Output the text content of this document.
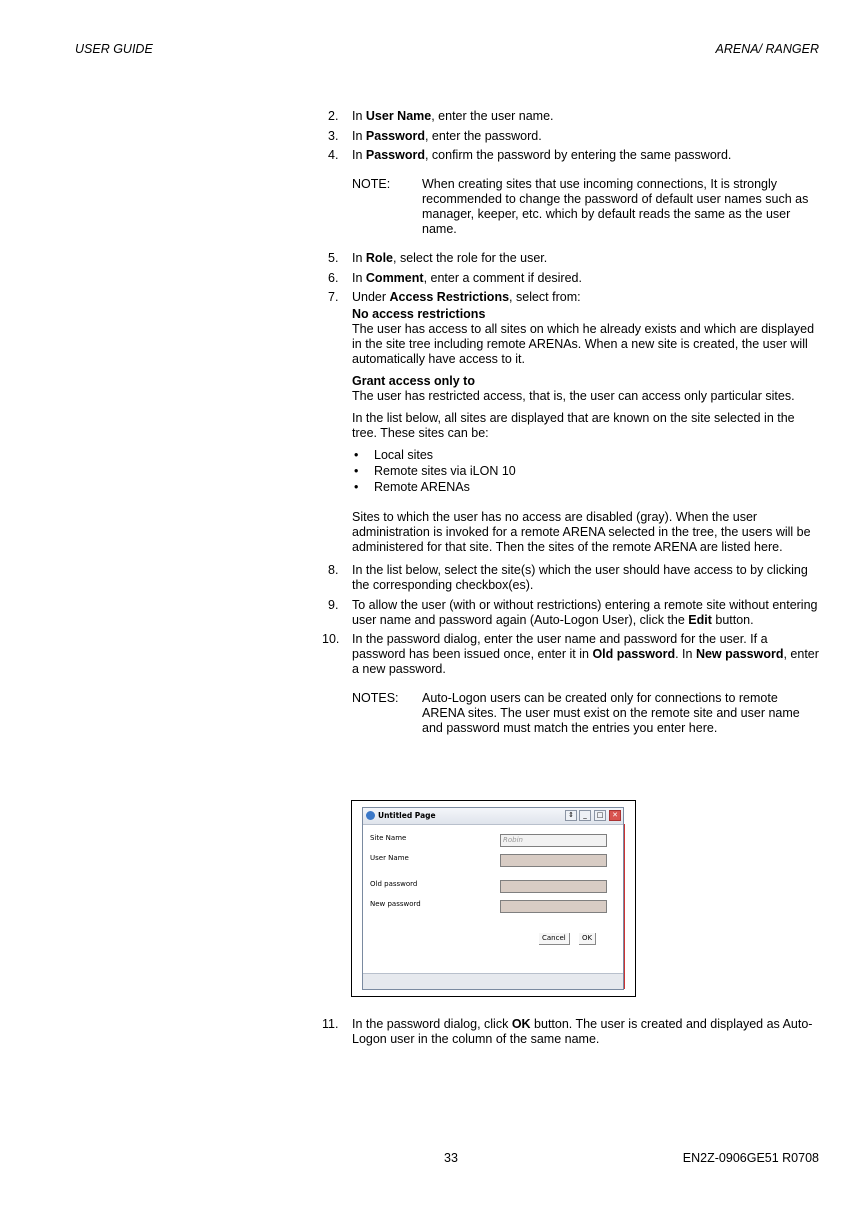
USER GUIDE	ARENA/ RANGER
2.	In User Name, enter the user name.
3.	In Password, enter the password.
4.	In Password, confirm the password by entering the same password.
NOTE:	When creating sites that use incoming connections, It is strongly recommended to change the password of default user names such as manager, keeper, etc. which by default reads the same as the user name.
5.	In Role, select the role for the user.
6.	In Comment, enter a comment if desired.
7.	Under Access Restrictions, select from:
No access restrictions
The user has access to all sites on which he already exists and which are displayed in the site tree including remote ARENAs. When a new site is created, the user will automatically have access to it.
Grant access only to
The user has restricted access, that is, the user can access only particular sites.
In the list below, all sites are displayed that are known on the site selected in the tree. These sites can be:
• Local sites
• Remote sites via iLON 10
• Remote ARENAs
Sites to which the user has no access are disabled (gray). When the user administration is invoked for a remote ARENA selected in the tree, the users will be administered for that site. Then the sites of the remote ARENA are listed here.
8.	In the list below, select the site(s) which the user should have access to by clicking the corresponding checkbox(es).
9.	To allow the user (with or without restrictions) entering a remote site without entering user name and password again (Auto-Logon User), click the Edit button.
10.	In the password dialog, enter the user name and password for the user. If a password has been issued once, enter it in Old password. In New password, enter a new password.
NOTES:	Auto-Logon users can be created only for connections to remote ARENA sites. The user must exist on the remote site and user name and password must match the entries you enter here.
Untitled Page	⇕	_	□	✕
Site Name	Robin
User Name
Old password
New password
Cancel	OK
11.	In the password dialog, click OK button. The user is created and displayed as Auto-Logon user in the column of the same name.
33	EN2Z-0906GE51 R0708
